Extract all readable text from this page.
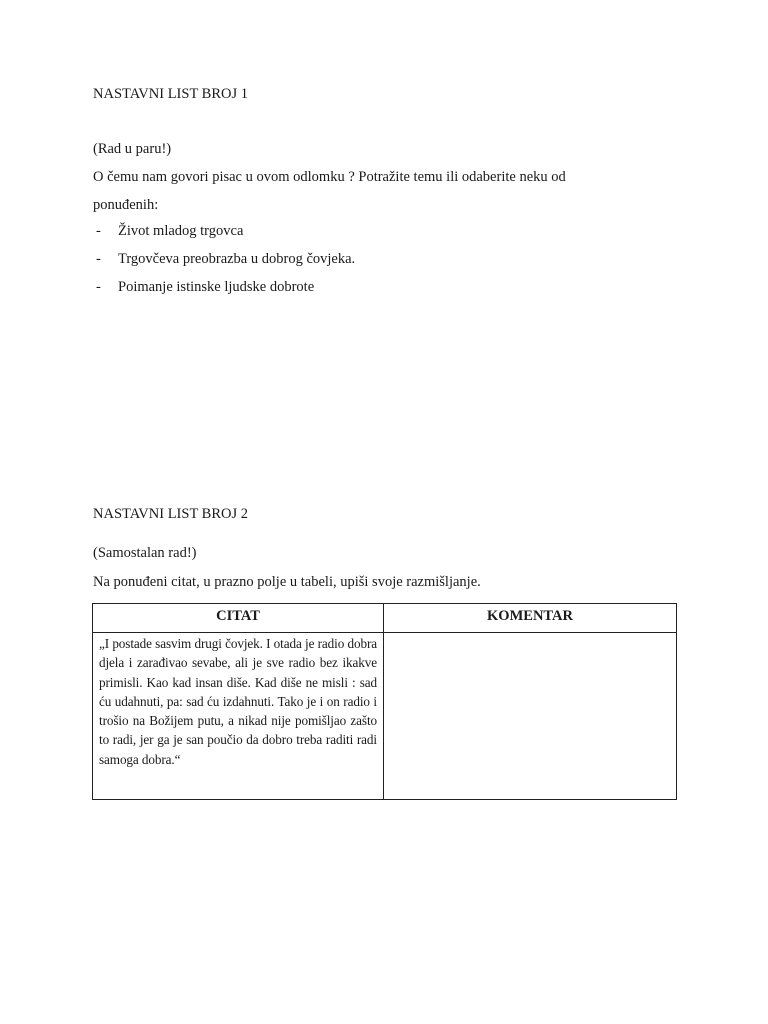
NASTAVNI LIST BROJ 1
(Rad u paru!)
O čemu nam govori pisac u ovom odlomku ? Potražite temu ili odaberite neku od
ponuđenih:
- Život mladog trgovca
- Trgovčeva preobrazba u dobrog čovjeka.
- Poimanje istinske ljudske dobrote
NASTAVNI LIST BROJ 2
(Samostalan rad!)
Na ponuđeni citat, u prazno polje u tabeli, upiši svoje razmišljanje.
CITAT	KOMENTAR
„I postade sasvim drugi čovjek. I otada je radio dobra djela i zarađivao sevabe, ali je sve radio bez ikakve primisli. Kao kad insan diše. Kad diše ne misli : sad ću udahnuti, pa: sad ću izdahnuti. Tako je i on radio i trošio na Božijem putu, a nikad nije pomišljao zašto to radi, jer ga je san poučio da dobro treba raditi radi samoga dobra.“	
